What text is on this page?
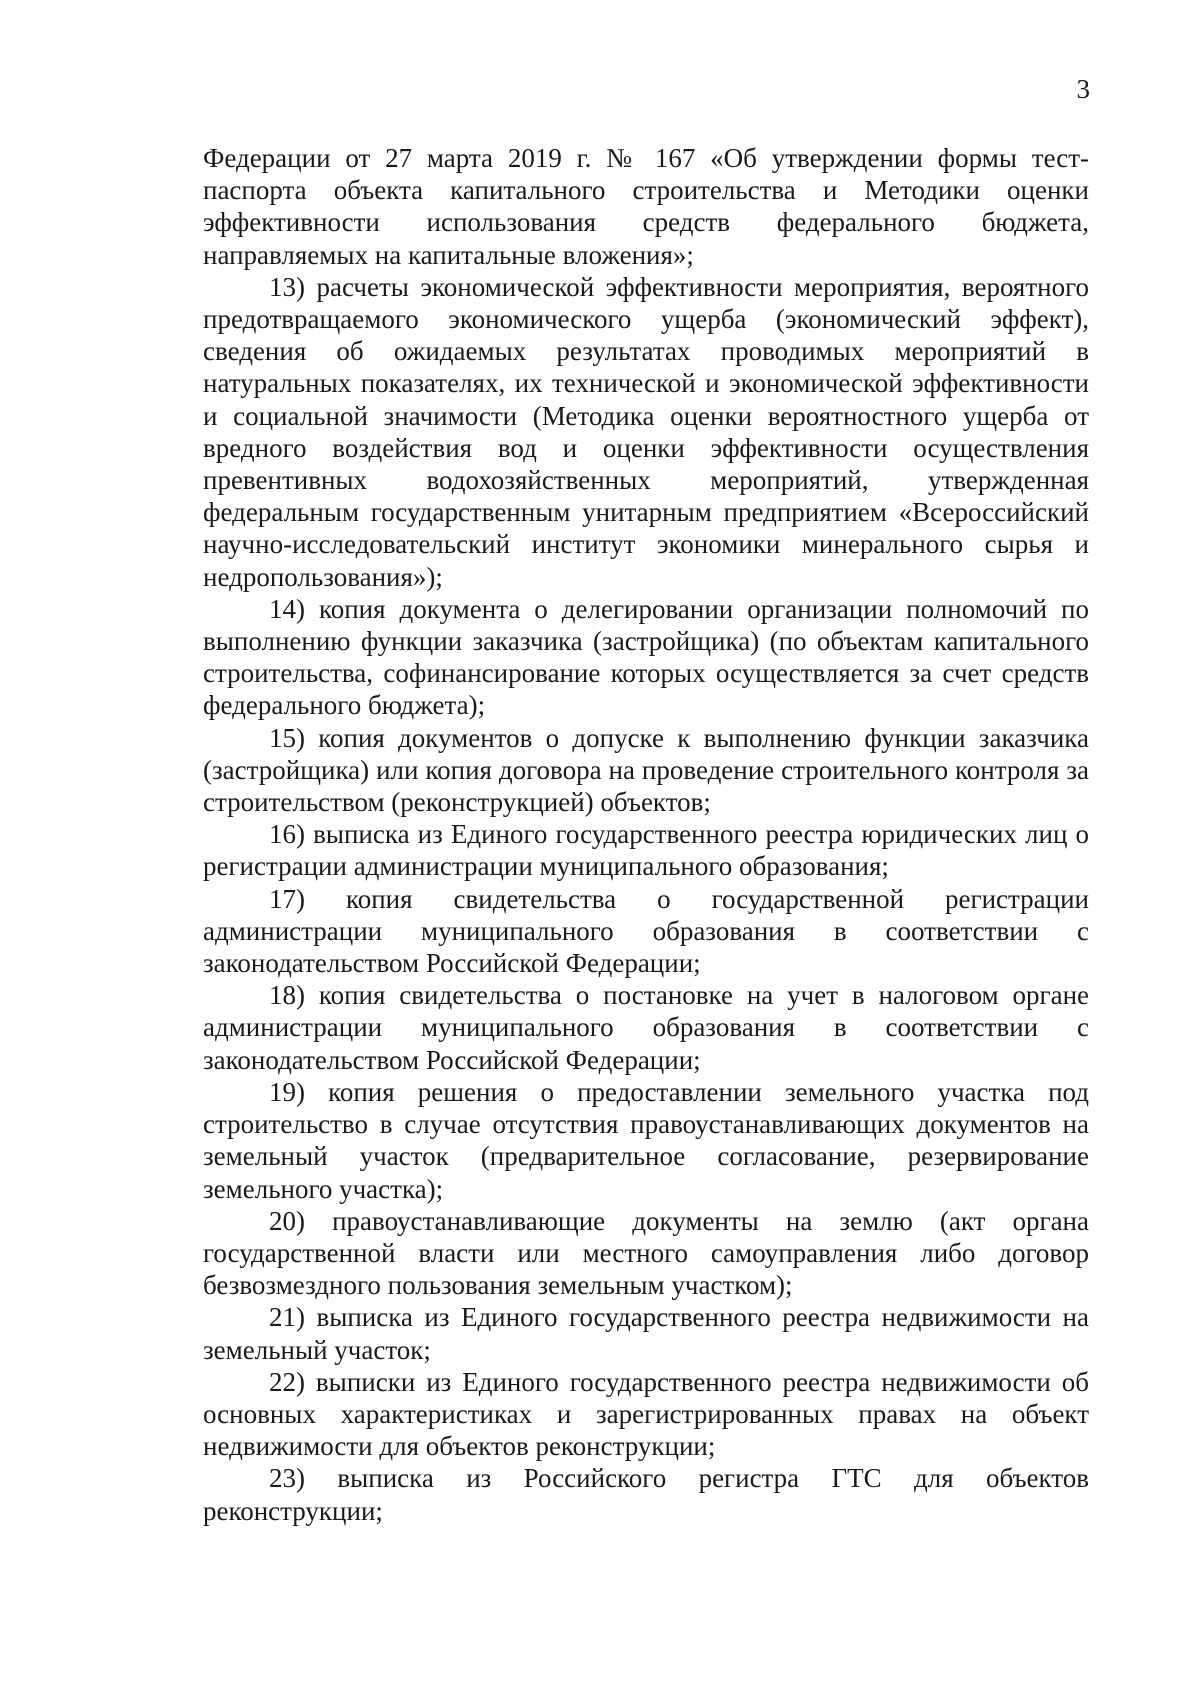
3

Федерации от 27 марта 2019 г. № 167 «Об утверждении формы тест-паспорта объекта капитального строительства и Методики оценки эффективности использования средств федерального бюджета, направляемых на капитальные вложения»;

13) расчеты экономической эффективности мероприятия, вероятного предотвращаемого экономического ущерба (экономический эффект), сведения об ожидаемых результатах проводимых мероприятий в натуральных показателях, их технической и экономической эффективности и социальной значимости (Методика оценки вероятностного ущерба от вредного воздействия вод и оценки эффективности осуществления превентивных водохозяйственных мероприятий, утвержденная федеральным государственным унитарным предприятием «Всероссийский научно-исследовательский институт экономики минерального сырья и недропользования»);

14) копия документа о делегировании организации полномочий по выполнению функции заказчика (застройщика) (по объектам капитального строительства, софинансирование которых осуществляется за счет средств федерального бюджета);

15) копия документов о допуске к выполнению функции заказчика (застройщика) или копия договора на проведение строительного контроля за строительством (реконструкцией) объектов;

16) выписка из Единого государственного реестра юридических лиц о регистрации администрации муниципального образования;

17) копия свидетельства о государственной регистрации администрации муниципального образования в соответствии с законодательством Российской Федерации;

18) копия свидетельства о постановке на учет в налоговом органе администрации муниципального образования в соответствии с законодательством Российской Федерации;

19) копия решения о предоставлении земельного участка под строительство в случае отсутствия правоустанавливающих документов на земельный участок (предварительное согласование, резервирование земельного участка);

20) правоустанавливающие документы на землю (акт органа государственной власти или местного самоуправления либо договор безвозмездного пользования земельным участком);

21) выписка из Единого государственного реестра недвижимости на земельный участок;

22) выписки из Единого государственного реестра недвижимости об основных характеристиках и зарегистрированных правах на объект недвижимости для объектов реконструкции;

23) выписка из Российского регистра ГТС для объектов реконструкции;
